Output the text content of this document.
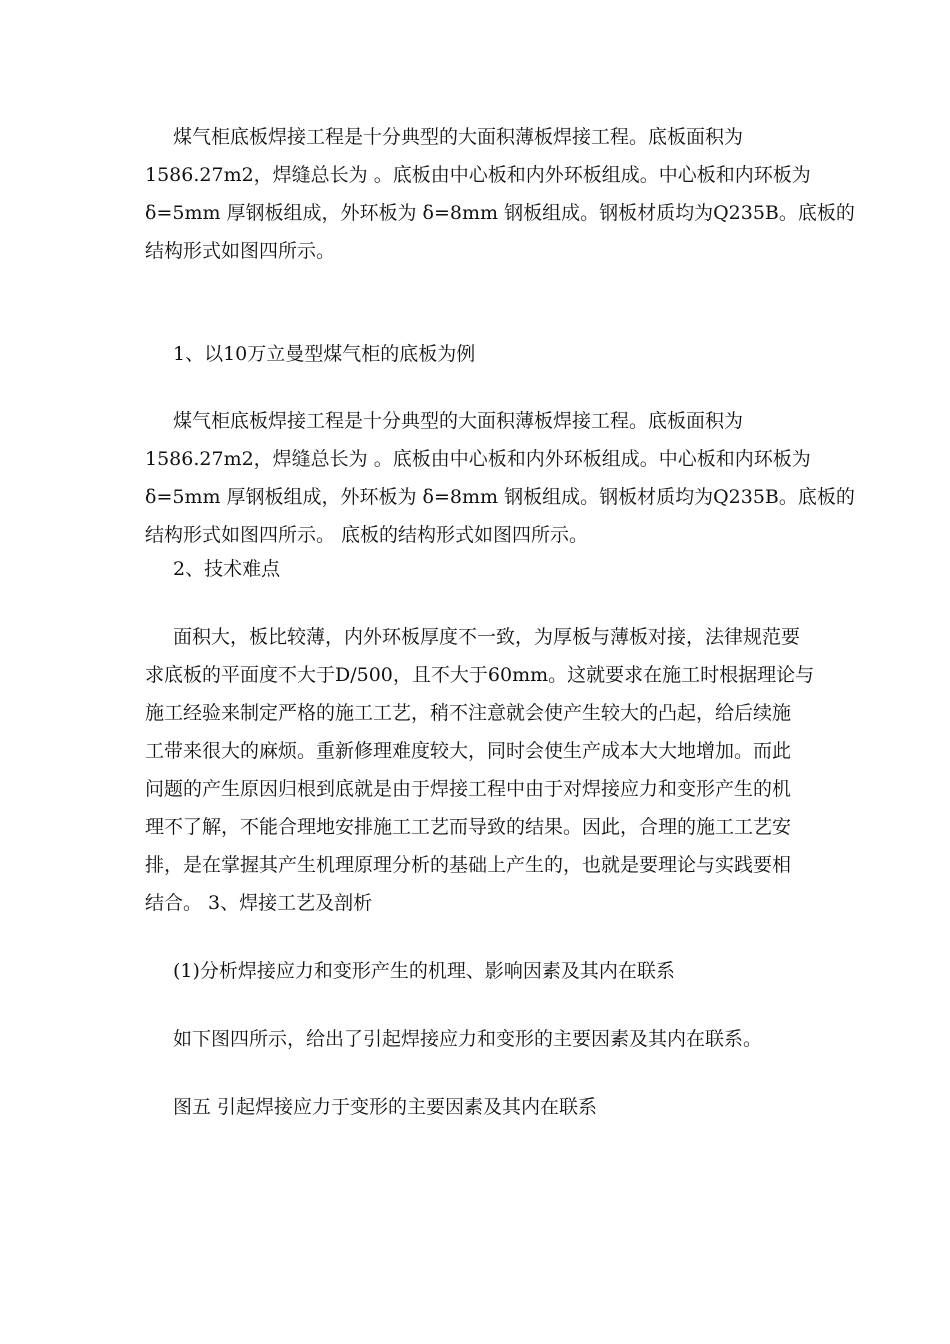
煤气柜底板焊接工程是十分典型的大面积薄板焊接工程。底板面积为
1586.27m2，焊缝总长为 。底板由中心板和内外环板组成。中心板和内环板为
δ=5mm 厚钢板组成，外环板为 δ=8mm 钢板组成。钢板材质均为Q235B。底板的
结构形式如图四所示。
1、以10万立曼型煤气柜的底板为例
煤气柜底板焊接工程是十分典型的大面积薄板焊接工程。底板面积为
1586.27m2，焊缝总长为 。底板由中心板和内外环板组成。中心板和内环板为
δ=5mm 厚钢板组成，外环板为 δ=8mm 钢板组成。钢板材质均为Q235B。底板的
结构形式如图四所示。 底板的结构形式如图四所示。
2、技术难点
面积大，板比较薄，内外环板厚度不一致，为厚板与薄板对接，法律规范要
求底板的平面度不大于D/500，且不大于60mm。这就要求在施工时根据理论与
施工经验来制定严格的施工工艺，稍不注意就会使产生较大的凸起，给后续施
工带来很大的麻烦。重新修理难度较大，同时会使生产成本大大地增加。而此
问题的产生原因归根到底就是由于焊接工程中由于对焊接应力和变形产生的机
理不了解，不能合理地安排施工工艺而导致的结果。因此，合理的施工工艺安
排，是在掌握其产生机理原理分析的基础上产生的，也就是要理论与实践要相
结合。 3、焊接工艺及剖析
(1)分析焊接应力和变形产生的机理、影响因素及其内在联系
如下图四所示，给出了引起焊接应力和变形的主要因素及其内在联系。
图五 引起焊接应力于变形的主要因素及其内在联系
